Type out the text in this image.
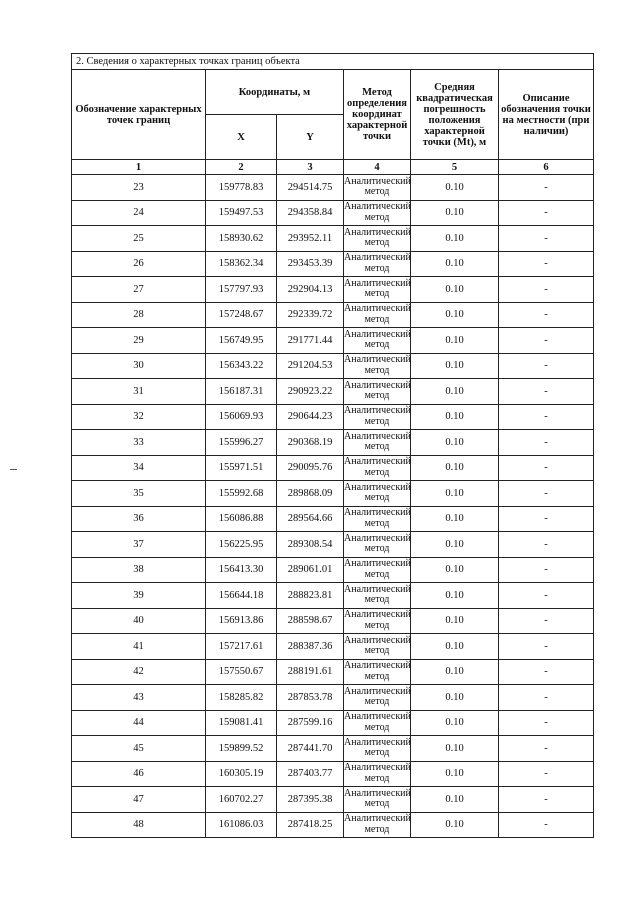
2. Сведения о характерных точках границ объекта					
Обозначение характерных точек границ	Координаты, м		Метод определения координат характерной точки	Средняя квадратическая погрешность положения характерной точки (Mt), м	Описание обозначения точки на местности (при наличии)
	X	Y			
1	2	3	4	5	6
23	159778.83	294514.75	Аналитический метод	0.10	-
24	159497.53	294358.84	Аналитический метод	0.10	-
25	158930.62	293952.11	Аналитический метод	0.10	-
26	158362.34	293453.39	Аналитический метод	0.10	-
27	157797.93	292904.13	Аналитический метод	0.10	-
28	157248.67	292339.72	Аналитический метод	0.10	-
29	156749.95	291771.44	Аналитический метод	0.10	-
30	156343.22	291204.53	Аналитический метод	0.10	-
31	156187.31	290923.22	Аналитический метод	0.10	-
32	156069.93	290644.23	Аналитический метод	0.10	-
33	155996.27	290368.19	Аналитический метод	0.10	-
34	155971.51	290095.76	Аналитический метод	0.10	-
35	155992.68	289868.09	Аналитический метод	0.10	-
36	156086.88	289564.66	Аналитический метод	0.10	-
37	156225.95	289308.54	Аналитический метод	0.10	-
38	156413.30	289061.01	Аналитический метод	0.10	-
39	156644.18	288823.81	Аналитический метод	0.10	-
40	156913.86	288598.67	Аналитический метод	0.10	-
41	157217.61	288387.36	Аналитический метод	0.10	-
42	157550.67	288191.61	Аналитический метод	0.10	-
43	158285.82	287853.78	Аналитический метод	0.10	-
44	159081.41	287599.16	Аналитический метод	0.10	-
45	159899.52	287441.70	Аналитический метод	0.10	-
46	160305.19	287403.77	Аналитический метод	0.10	-
47	160702.27	287395.38	Аналитический метод	0.10	-
48	161086.03	287418.25	Аналитический метод	0.10	-
